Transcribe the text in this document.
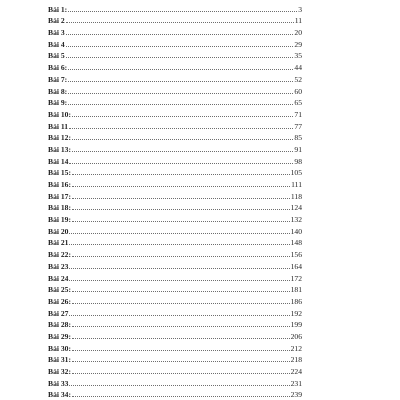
Bài 1:	3
Bài 2	11
Bài 3	20
Bài 4	29
Bài 5	35
Bài 6:	44
Bài 7:	52
Bài 8:	60
Bài 9:	65
Bài 10:	71
Bài 11	77
Bài 12:	85
Bài 13:	91
Bài 14	98
Bài 15:	105
Bài 16:	111
Bài 17:	118
Bài 18:	124
Bài 19:	132
Bài 20	140
Bài 21	148
Bài 22:	156
Bài 23	164
Bài 24	172
Bài 25:	181
Bài 26:	186
Bài 27	192
Bài 28:	199
Bài 29:	206
Bài 30:	212
Bài 31:	218
Bài 32:	224
Bài 33	231
Bài 34:	239
